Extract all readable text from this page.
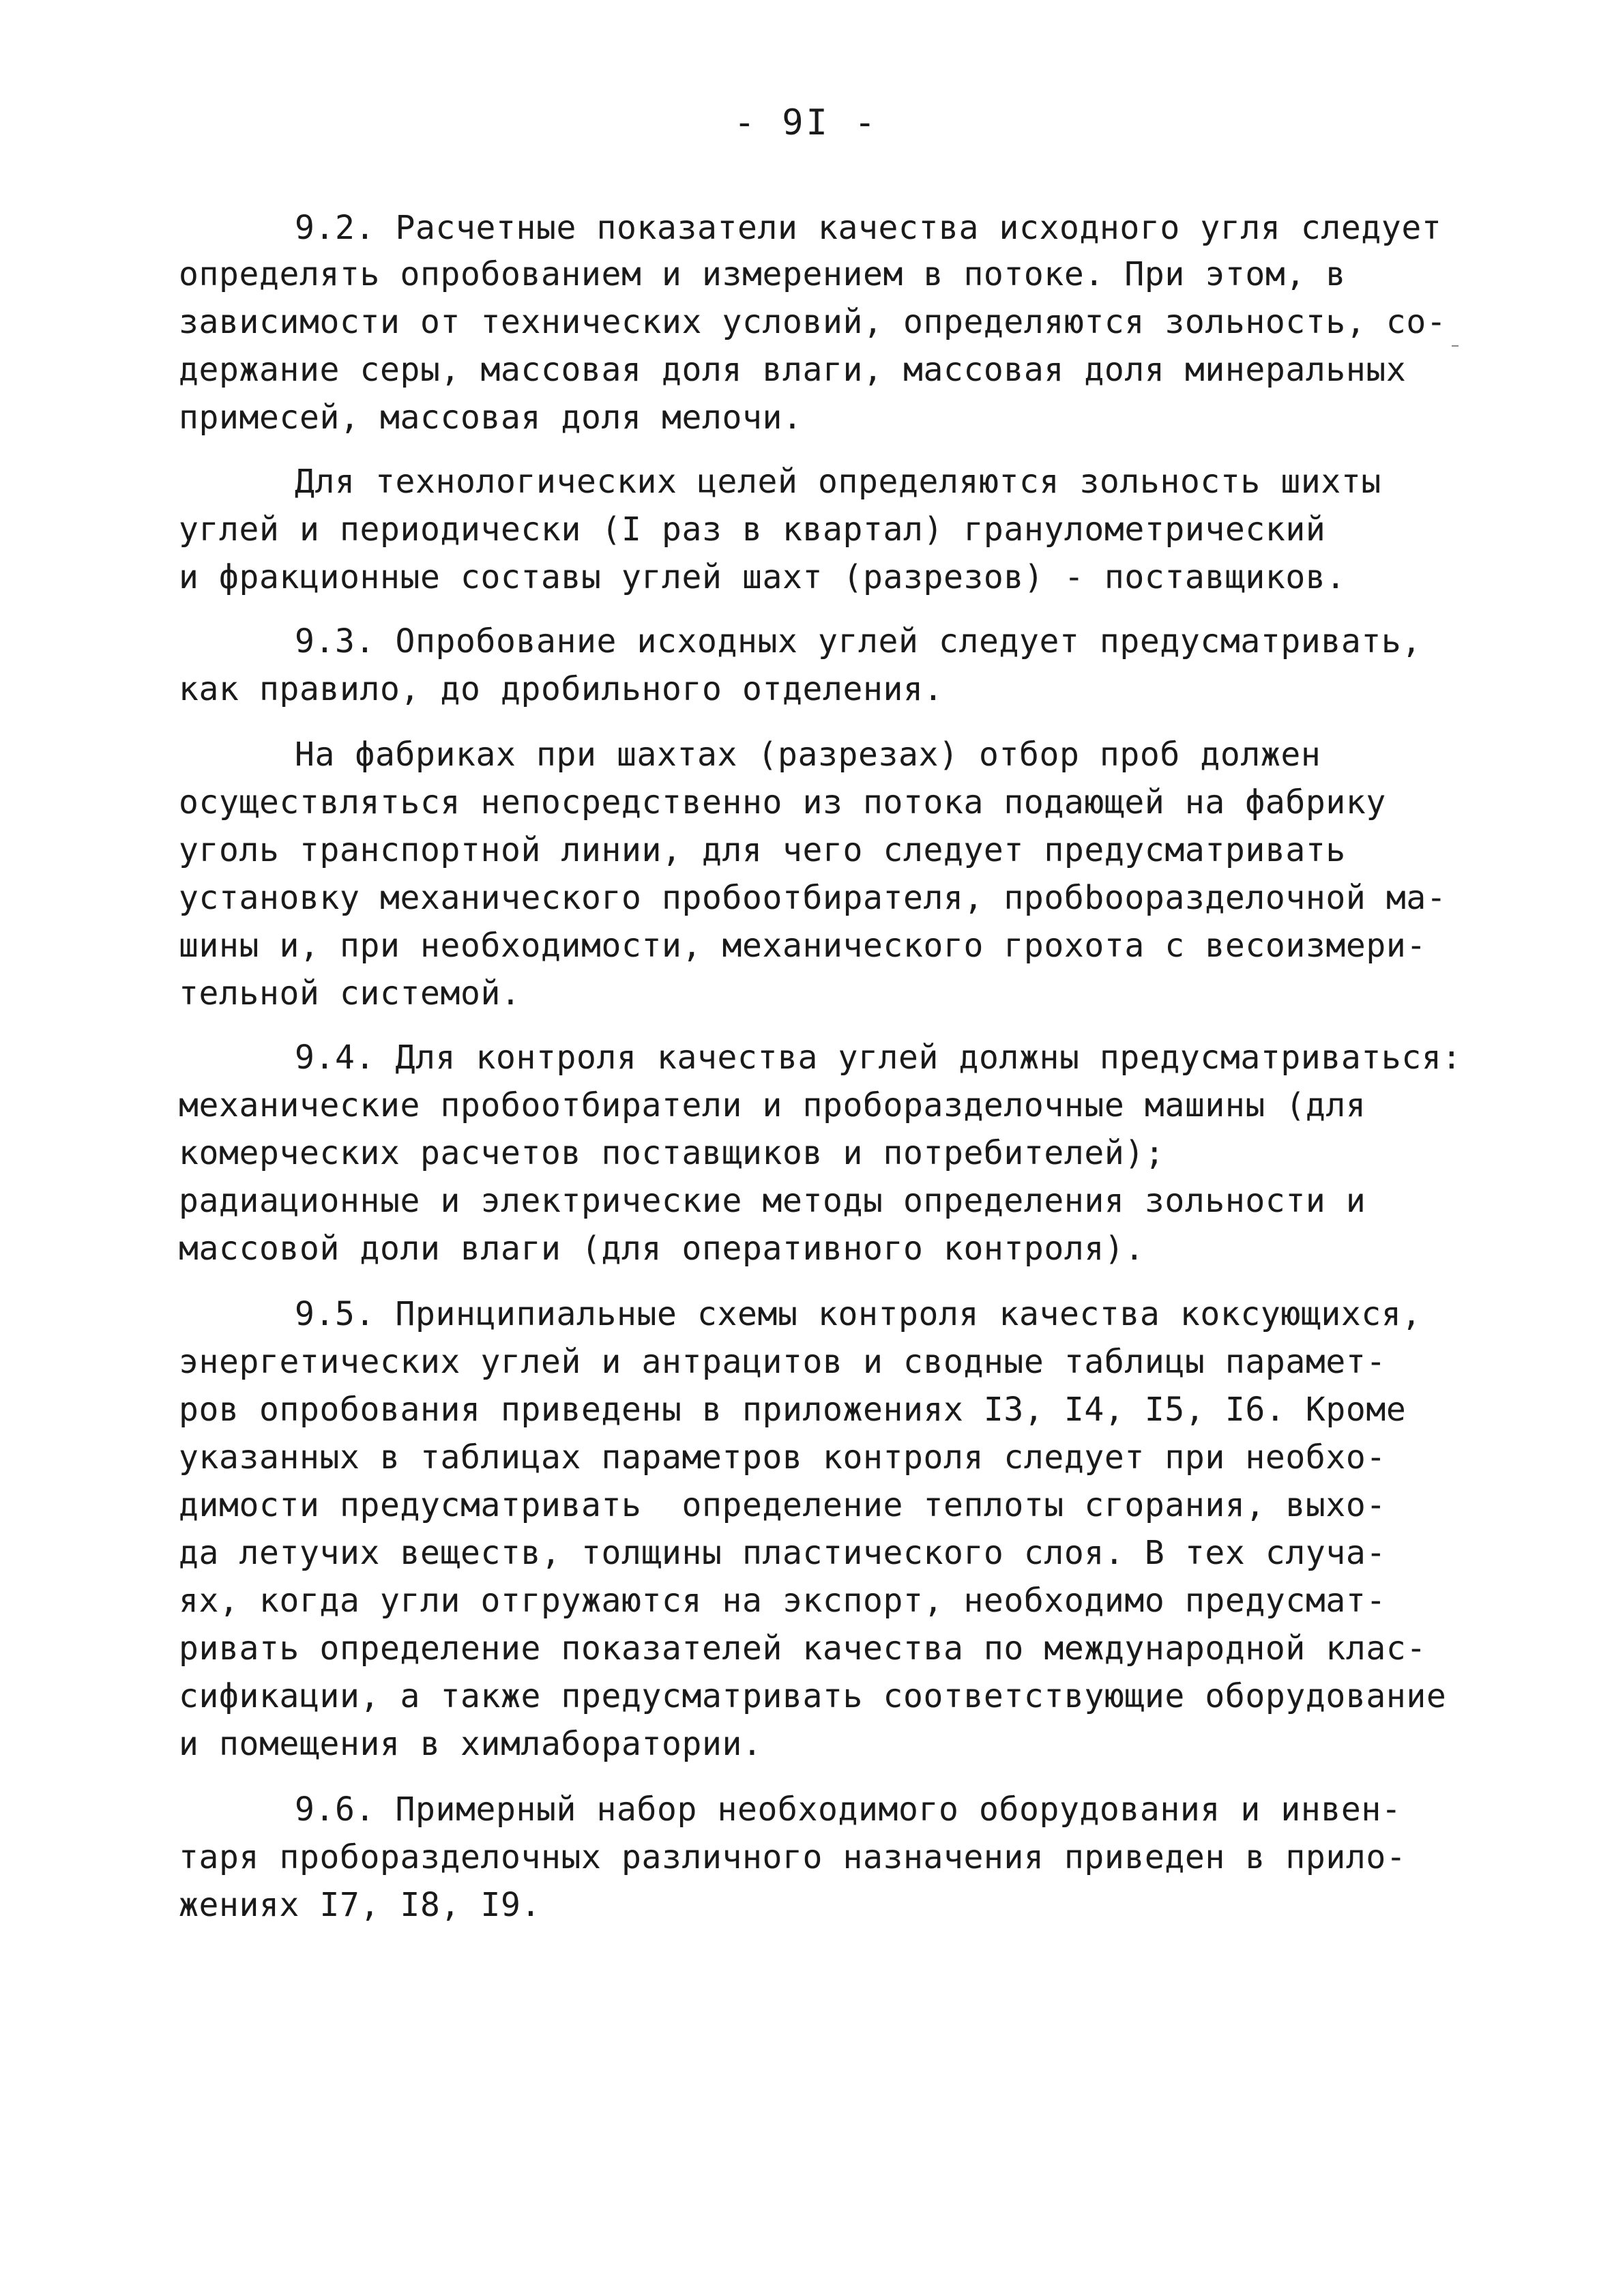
- 9I -
9.2. Расчетные показатели качества исходного угля следует
определять опробованием и измерением в потоке. При этом, в
зависимости от технических условий, определяются зольность, со-
держание серы, массовая доля влаги, массовая доля минеральных
примесей, массовая доля мелочи.
Для технологических целей определяются зольность шихты
углей и периодически (I раз в квартал) гранулометрический
и фракционные составы углей шахт (разрезов) - поставщиков.
9.3. Опробование исходных углей следует предусматривать,
как правило, до дробильного отделения.
На фабриках при шахтах (разрезах) отбор проб должен
осуществляться непосредственно из потока подающей на фабрику
уголь транспортной линии, для чего следует предусматривать
установку механического пробоотбирателя, пробbooразделочной ма-
шины и, при необходимости, механического грохота с весоизмери-
тельной системой.
9.4. Для контроля качества углей должны предусматриваться:
механические пробоотбиратели и пробоpазделочные машины (для
комерческих расчетов поставщиков и потребителей);
радиационные и электрические методы определения зольности и
массовой доли влаги (для оперативного контроля).
9.5. Принципиальные схемы контроля качества коксующихся,
энергетических углей и антрацитов и сводные таблицы парамет-
ров опробования приведены в приложениях I3, I4, I5, I6. Кроме
указанных в таблицах параметров контроля следует при необхо-
димости предусматривать  определение теплоты сгорания, выхо-
да летучих веществ, толщины пластического слоя. В тех случа-
ях, когда угли отгружаются на экспорт, необходимо предусмат-
ривать определение показателей качества по международной клас-
сификации, а также предусматривать соответствующие оборудование
и помещения в химлаборатории.
9.6. Примерный набор необходимого оборудования и инвен-
таря пробоpазделочных различного назначения приведен в прило-
жениях I7, I8, I9.
